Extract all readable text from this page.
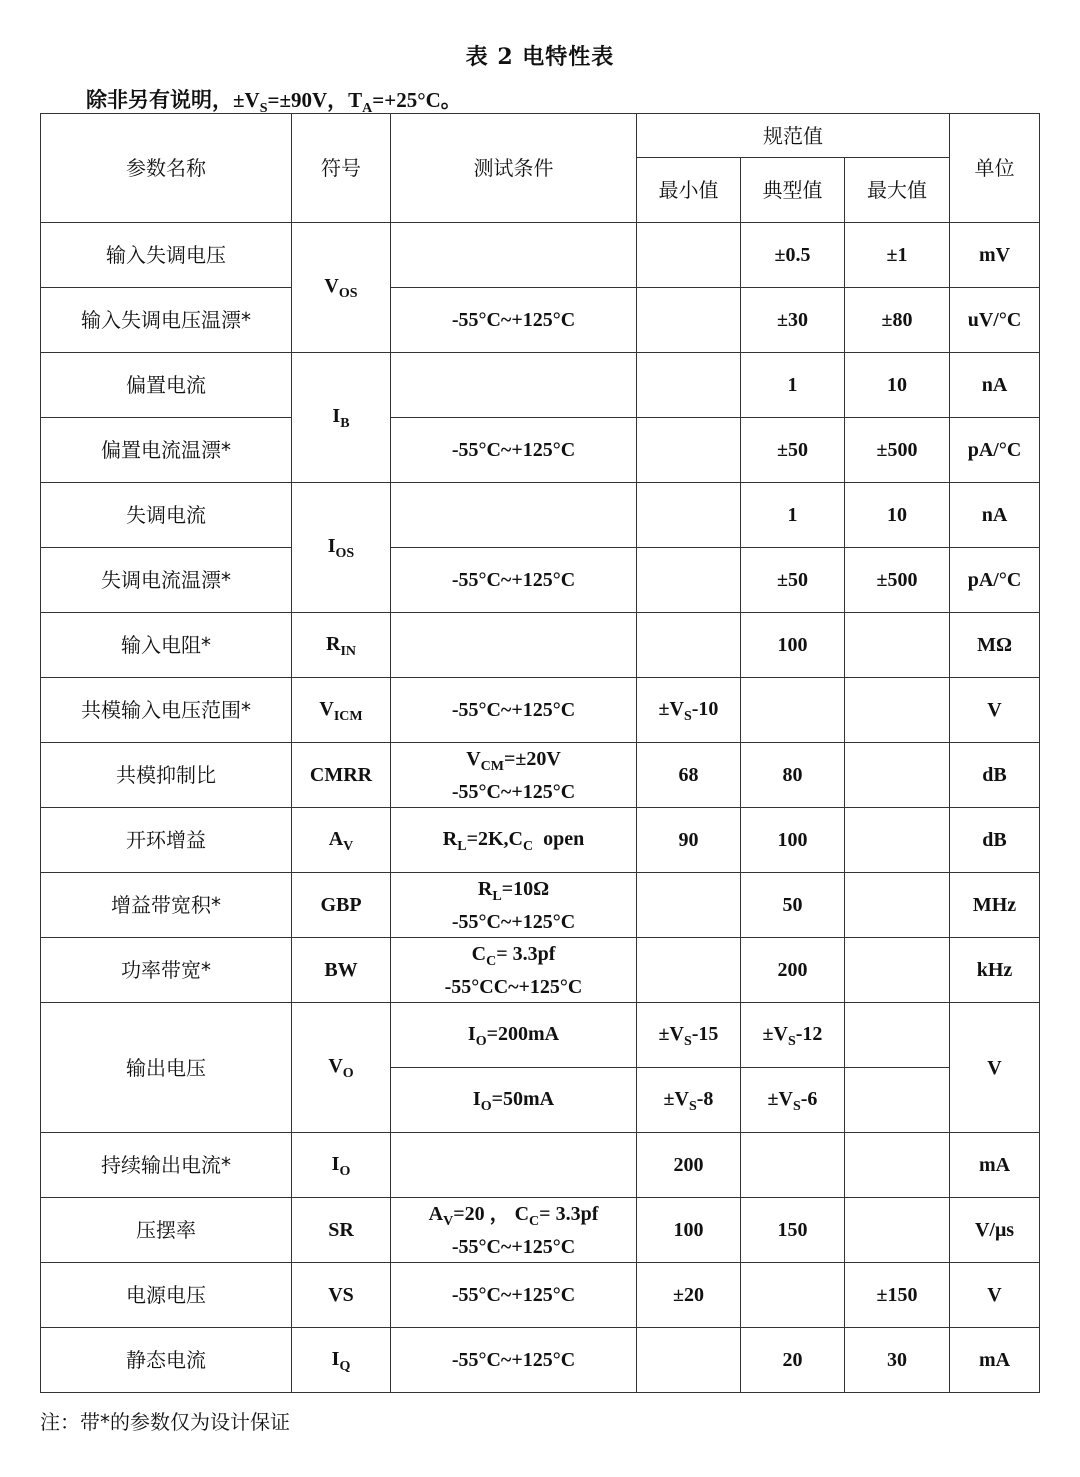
表 2 电特性表
除非另有说明，$\pm V_S=\pm 90V$，$T_A=+25^\circ C$。
参数名称	符号	测试条件	规范值			单位
			最小值	典型值	最大值	
输入失调电压	$V_{OS}$			±0.5	±1	mV
输入失调电压温漂*		-55°C~+125°C		±30	±80	uV/°C
偏置电流	$I_B$			1	10	nA
偏置电流温漂*		-55°C~+125°C		±50	±500	pA/°C
失调电流	$I_{OS}$			1	10	nA
失调电流温漂*		-55°C~+125°C		±50	±500	pA/°C
输入电阻*	$R_{IN}$			100		MΩ
共模输入电压范围*	$V_{ICM}$	-55°C~+125°C	$\pm V_S-10$			V
共模抑制比	CMRR	$V_{CM}=\pm 20V$
-55°C~+125°C	68	80		dB
开环增益	$A_V$	$R_L=2K,C_C$  open	90	100		dB
增益带宽积*	GBP	$R_L=10\Omega$
-55°C~+125°C		50		MHz
功率带宽*	BW	$C_C= 3.3pf$
-55°CC~+125°C		200		kHz
输出电压	$V_O$	$I_O=200mA$	$\pm V_S-15$	$\pm V_S-12$		V
		$I_O=50mA$	$\pm V_S-8$	$\pm V_S-6$		
持续输出电流*	$I_O$		200			mA
压摆率	SR	$A_V=20$ ， $C_C= 3.3pf$
-55°C~+125°C	100	150		V/μs
电源电压	VS	-55°C~+125°C	±20		±150	V
静态电流	$I_Q$	-55°C~+125°C		20	30	mA
注：带*的参数仅为设计保证
